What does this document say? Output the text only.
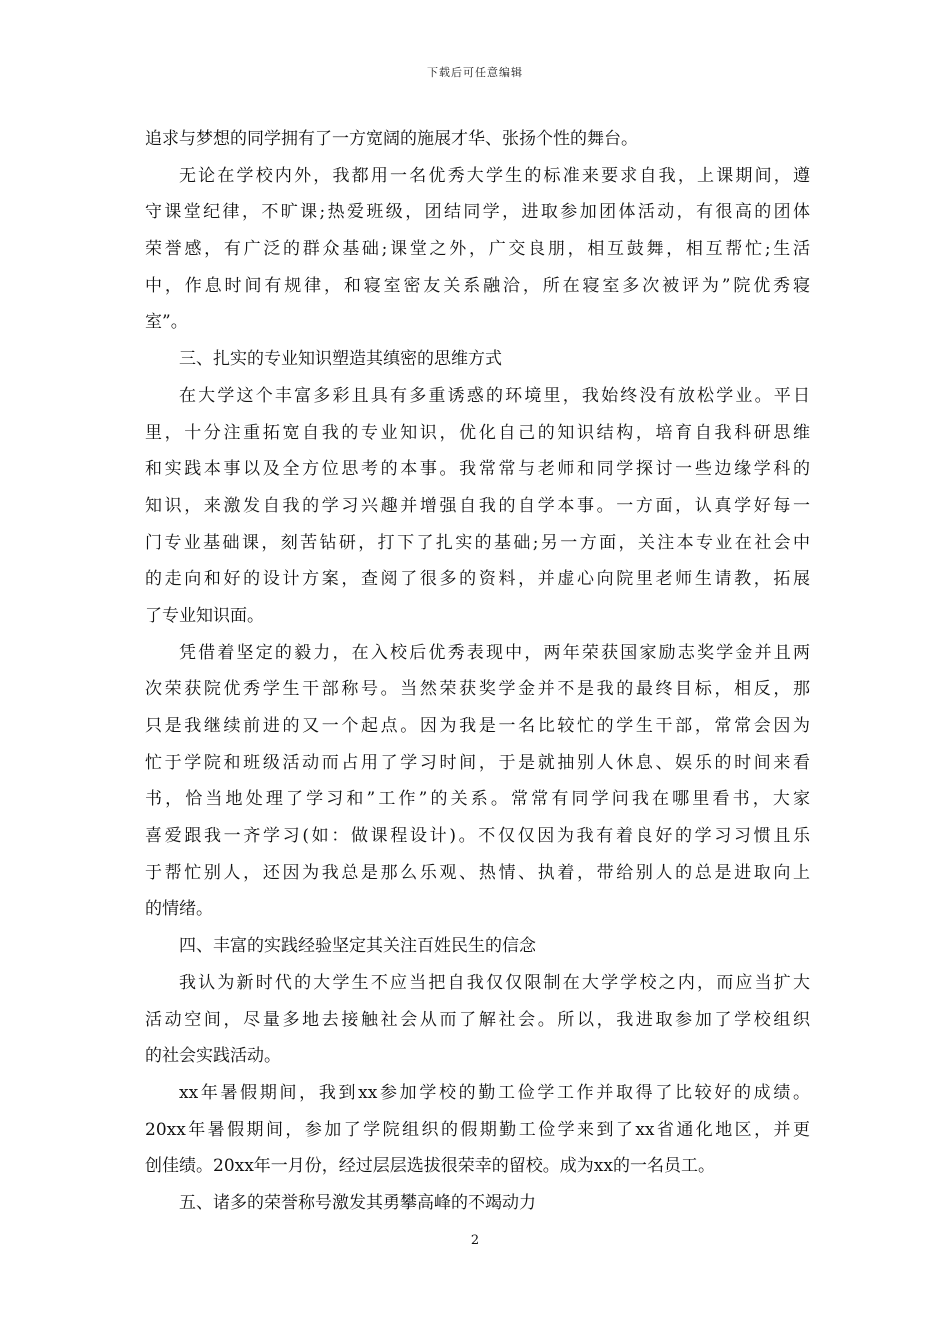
下载后可任意编辑
追求与梦想的同学拥有了一方宽阔的施展才华、张扬个性的舞台。
无论在学校内外，我都用一名优秀大学生的标准来要求自我，上课期间，遵
守课堂纪律，不旷课;热爱班级，团结同学，进取参加团体活动，有很高的团体
荣誉感，有广泛的群众基础;课堂之外，广交良朋，相互鼓舞，相互帮忙;生活
中，作息时间有规律，和寝室密友关系融洽，所在寝室多次被评为”院优秀寝
室”。
三、扎实的专业知识塑造其缜密的思维方式
在大学这个丰富多彩且具有多重诱惑的环境里，我始终没有放松学业。平日
里，十分注重拓宽自我的专业知识，优化自己的知识结构，培育自我科研思维
和实践本事以及全方位思考的本事。我常常与老师和同学探讨一些边缘学科的
知识，来激发自我的学习兴趣并增强自我的自学本事。一方面，认真学好每一
门专业基础课，刻苦钻研，打下了扎实的基础;另一方面，关注本专业在社会中
的走向和好的设计方案，查阅了很多的资料，并虚心向院里老师生请教，拓展
了专业知识面。
凭借着坚定的毅力，在入校后优秀表现中，两年荣获国家励志奖学金并且两
次荣获院优秀学生干部称号。当然荣获奖学金并不是我的最终目标，相反，那
只是我继续前进的又一个起点。因为我是一名比较忙的学生干部，常常会因为
忙于学院和班级活动而占用了学习时间，于是就抽别人休息、娱乐的时间来看
书，恰当地处理了学习和”工作”的关系。常常有同学问我在哪里看书，大家
喜爱跟我一齐学习(如：做课程设计)。不仅仅因为我有着良好的学习习惯且乐
于帮忙别人，还因为我总是那么乐观、热情、执着，带给别人的总是进取向上
的情绪。
四、丰富的实践经验坚定其关注百姓民生的信念
我认为新时代的大学生不应当把自我仅仅限制在大学学校之内，而应当扩大
活动空间，尽量多地去接触社会从而了解社会。所以，我进取参加了学校组织
的社会实践活动。
xx年暑假期间，我到xx参加学校的勤工俭学工作并取得了比较好的成绩。
20xx年暑假期间，参加了学院组织的假期勤工俭学来到了xx省通化地区，并更
创佳绩。20xx年一月份，经过层层选拔很荣幸的留校。成为xx的一名员工。
五、诸多的荣誉称号激发其勇攀高峰的不竭动力
2
